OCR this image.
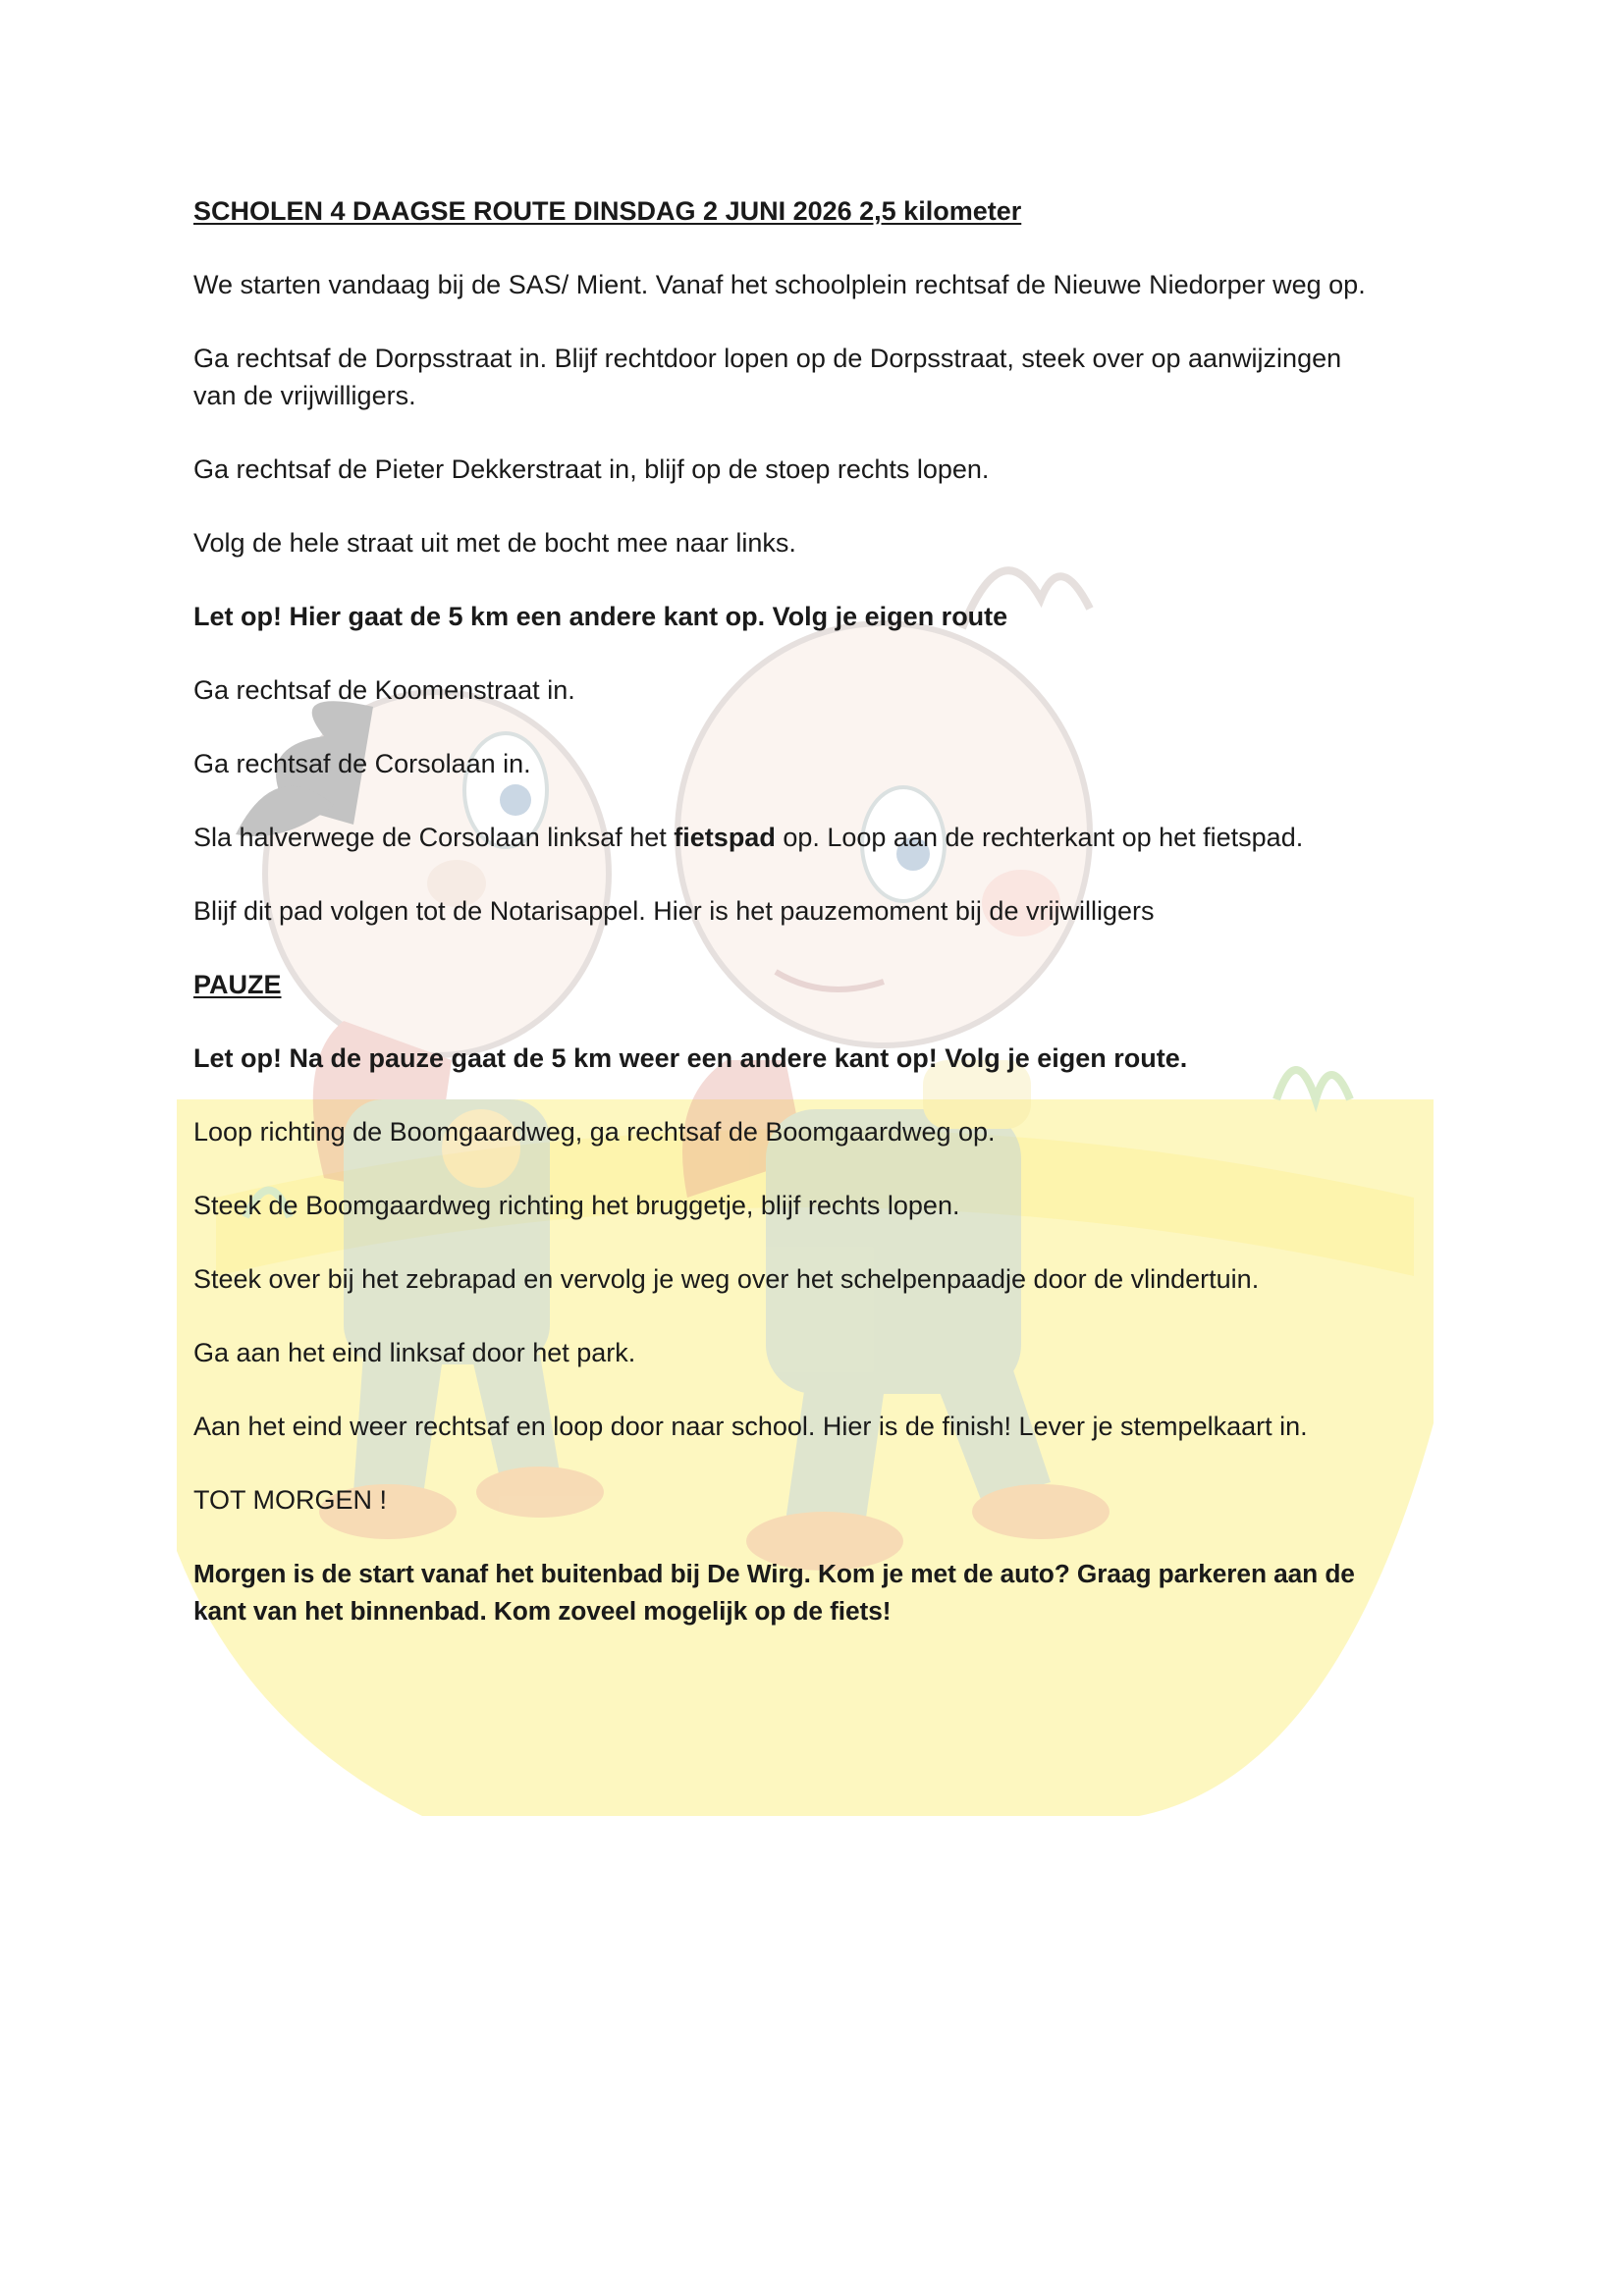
SCHOLEN 4 DAAGSE ROUTE DINSDAG 2 JUNI 2026 2,5 kilometer

We starten vandaag bij de SAS/ Mient. Vanaf het schoolplein rechtsaf de Nieuwe Niedorper weg op.

Ga rechtsaf de Dorpsstraat in. Blijf rechtdoor lopen op de Dorpsstraat, steek over op aanwijzingen

van de vrijwilligers.

Ga rechtsaf de Pieter Dekkerstraat in, blijf op de stoep rechts lopen.

Volg de hele straat uit met de bocht mee naar links.

Let op! Hier gaat de 5 km een andere kant op. Volg je eigen route

Ga rechtsaf de Koomenstraat in.

Ga rechtsaf de Corsolaan in.

Sla halverwege de Corsolaan linksaf het fietspad op. Loop aan de rechterkant op het fietspad.

Blijf dit pad volgen tot de Notarisappel. Hier is het pauzemoment bij de vrijwilligers

PAUZE

Let op! Na de pauze gaat de 5 km weer een andere kant op! Volg je eigen route.

Loop richting de Boomgaardweg, ga rechtsaf de Boomgaardweg op.

Steek de Boomgaardweg richting het bruggetje, blijf rechts lopen.

Steek over bij het zebrapad en vervolg je weg over het schelpenpaadje door de vlindertuin.

Ga aan het eind linksaf door het park.

Aan het eind weer rechtsaf en loop door naar school. Hier is de finish! Lever je stempelkaart in.

TOT MORGEN !

Morgen is de start vanaf het buitenbad bij De Wirg. Kom je met de auto? Graag parkeren aan de

kant van het binnenbad. Kom zoveel mogelijk op de fiets!
